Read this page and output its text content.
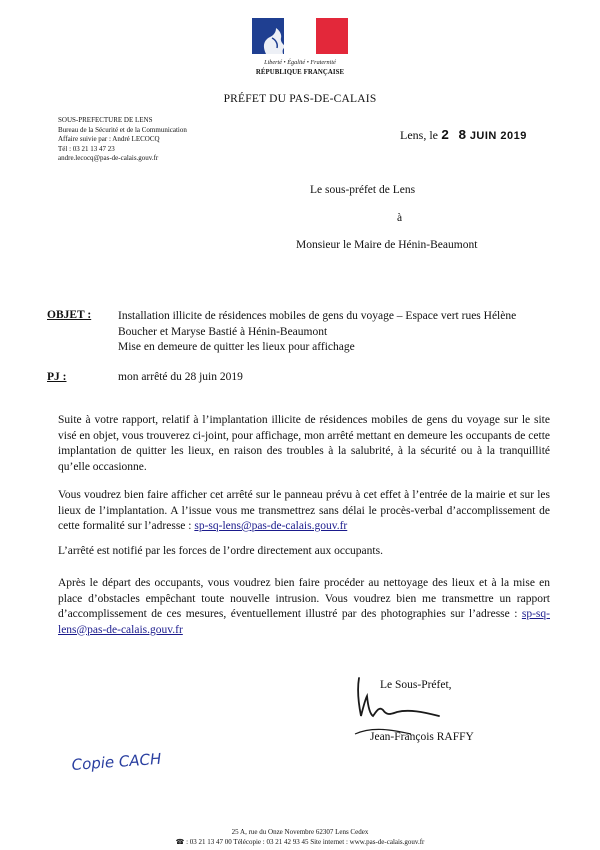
Liberté • Égalité • Fraternité
RÉPUBLIQUE FRANÇAISE
PRÉFET DU PAS-DE-CALAIS
SOUS-PREFECTURE DE LENS
Bureau de la Sécurité et de la Communication
Affaire suivie par : André LECOCQ
Tél : 03 21 13 47 23
andre.lecocq@pas-de-calais.gouv.fr
Lens, le 2 8 JUIN 2019
Le sous-préfet de Lens
à
Monsieur le Maire de Hénin-Beaumont
OBJET : Installation illicite de résidences mobiles de gens du voyage – Espace vert rues Hélène
Boucher et Maryse Bastié à Hénin-Beaumont
Mise en demeure de quitter les lieux pour affichage
PJ :	mon arrêté du 28 juin 2019
Suite à votre rapport, relatif à l’implantation illicite de résidences mobiles de gens du voyage sur le site visé en objet, vous trouverez ci-joint, pour affichage, mon arrêté mettant en demeure les occupants de cette implantation de quitter les lieux, en raison des troubles à la salubrité, à la sécurité ou à la tranquillité qu’elle occasionne.
Vous voudrez bien faire afficher cet arrêté sur le panneau prévu à cet effet à l’entrée de la mairie et sur les lieux de l’implantation. A l’issue vous me transmettrez sans délai le procès-verbal d’accomplissement de cette formalité sur l’adresse : sp-sq-lens@pas-de-calais.gouv.fr
L’arrêté est notifié par les forces de l’ordre directement aux occupants.
Après le départ des occupants, vous voudrez bien faire procéder au nettoyage des lieux et à la mise en place d’obstacles empêchant toute nouvelle intrusion. Vous voudrez bien me transmettre un rapport d’accomplissement de ces mesures, éventuellement illustré par des photographies sur l’adresse : sp-sq-lens@pas-de-calais.gouv.fr
Le Sous-Préfet,
Jean-François RAFFY
Copie CACH
25 A, rue du Onze Novembre 62307 Lens Cedex
☎ : 03 21 13 47 00 Télécopie : 03 21 42 93 45 Site internet : www.pas-de-calais.gouv.fr
